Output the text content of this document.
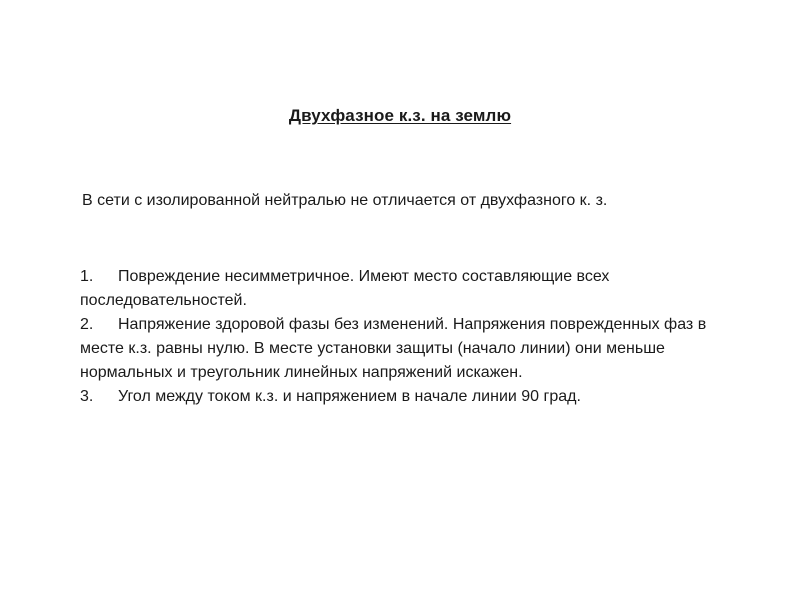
Двухфазное к.з. на землю
В сети с изолированной нейтралью не отличается от двухфазного к. з.
1. Повреждение несимметричное. Имеют место составляющие всех последовательностей.
2. Напряжение здоровой фазы без изменений. Напряжения поврежденных фаз в месте к.з. равны нулю. В месте установки защиты (начало линии) они меньше нормальных и треугольник линейных напряжений искажен.
3. Угол между током к.з. и напряжением в начале линии 90 град.
